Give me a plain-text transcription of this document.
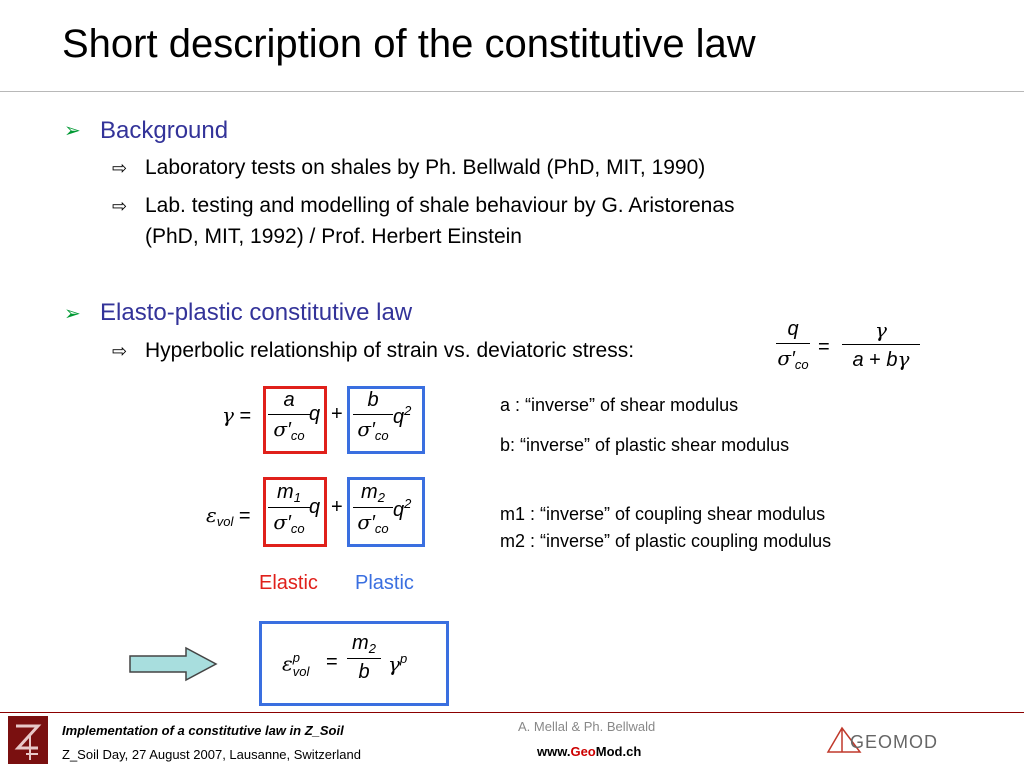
Short description of the constitutive law
➢ Background
⇨ Laboratory tests on shales by Ph. Bellwald (PhD, MIT, 1990)
⇨ Lab. testing and modelling of shale behaviour by G. Aristorenas
(PhD, MIT, 1992) / Prof. Herbert Einstein
➢ Elasto-plastic constitutive law
⇨ Hyperbolic relationship of strain vs. deviatoric stress:
q
$\sigma'_{co}$
=
γ
a + bγ
γ =
a
$\sigma'_{co}$
q +
b
$\sigma'_{co}$
$q^2$
$\varepsilon_{vol}$ =
$m_1$
$\sigma'_{co}$
q +
$m_2$
$\sigma'_{co}$
$q^2$
Elastic Plastic
a : “inverse” of shear modulus
b: “inverse” of plastic shear modulus
m1 : “inverse” of coupling shear modulus
m2 : “inverse” of plastic coupling modulus
ε p
vol =
$m_2$
b $\gamma^p$
Implementation of a constitutive law in Z_Soil
Z_Soil Day, 27 August 2007, Lausanne, Switzerland
A. Mellal & Ph. Bellwald
www.GeoMod.ch	GEOMOD
